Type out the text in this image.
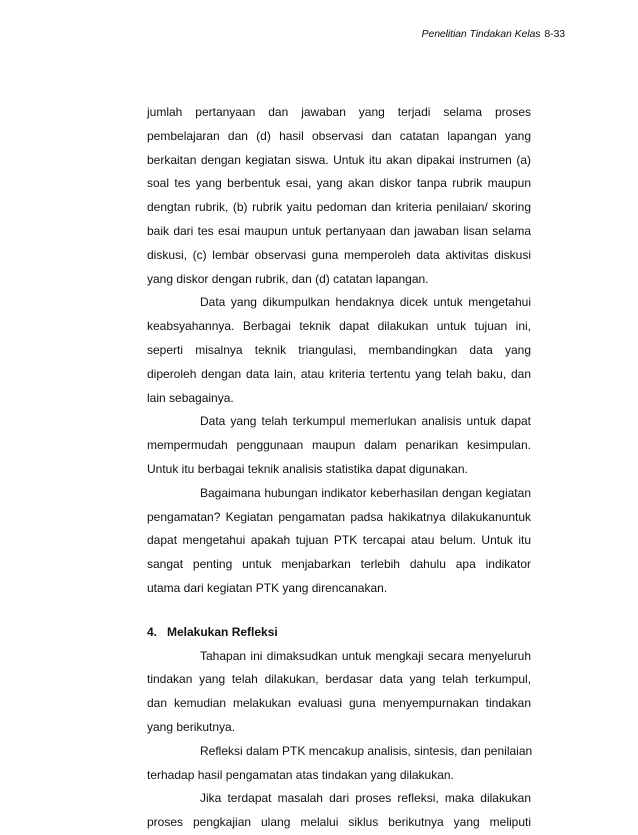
Penelitian Tindakan Kelas 8-33
jumlah pertanyaan dan jawaban yang terjadi selama proses
pembelajaran dan (d) hasil observasi dan catatan lapangan yang
berkaitan dengan kegiatan siswa. Untuk itu akan dipakai instrumen (a)
soal tes yang berbentuk esai, yang akan diskor tanpa rubrik maupun
dengtan rubrik, (b) rubrik yaitu pedoman dan kriteria penilaian/ skoring
baik dari tes esai maupun untuk pertanyaan dan jawaban lisan selama
diskusi, (c) lembar observasi guna memperoleh data aktivitas diskusi
yang diskor dengan rubrik, dan (d) catatan lapangan.
Data yang dikumpulkan hendaknya dicek untuk mengetahui
keabsyahannya. Berbagai teknik dapat dilakukan untuk tujuan ini,
seperti misalnya teknik triangulasi, membandingkan data yang
diperoleh dengan data lain, atau kriteria tertentu yang telah baku, dan
lain sebagainya.
Data yang telah terkumpul memerlukan analisis untuk dapat
mempermudah penggunaan maupun dalam penarikan kesimpulan.
Untuk itu berbagai teknik analisis statistika dapat digunakan.
Bagaimana hubungan indikator keberhasilan dengan kegiatan
pengamatan? Kegiatan pengamatan padsa hakikatnya dilakukanuntuk
dapat mengetahui apakah tujuan PTK tercapai atau belum. Untuk itu
sangat penting untuk menjabarkan terlebih dahulu apa indikator
utama dari kegiatan PTK yang direncanakan.
4. Melakukan Refleksi
Tahapan ini dimaksudkan untuk mengkaji secara menyeluruh
tindakan yang telah dilakukan, berdasar data yang telah terkumpul,
dan kemudian melakukan evaluasi guna menyempurnakan tindakan
yang berikutnya.
Refleksi dalam PTK mencakup analisis, sintesis, dan penilaian
terhadap hasil pengamatan atas tindakan yang dilakukan.
Jika terdapat masalah dari proses refleksi, maka dilakukan
proses pengkajian ulang melalui siklus berikutnya yang meliputi
